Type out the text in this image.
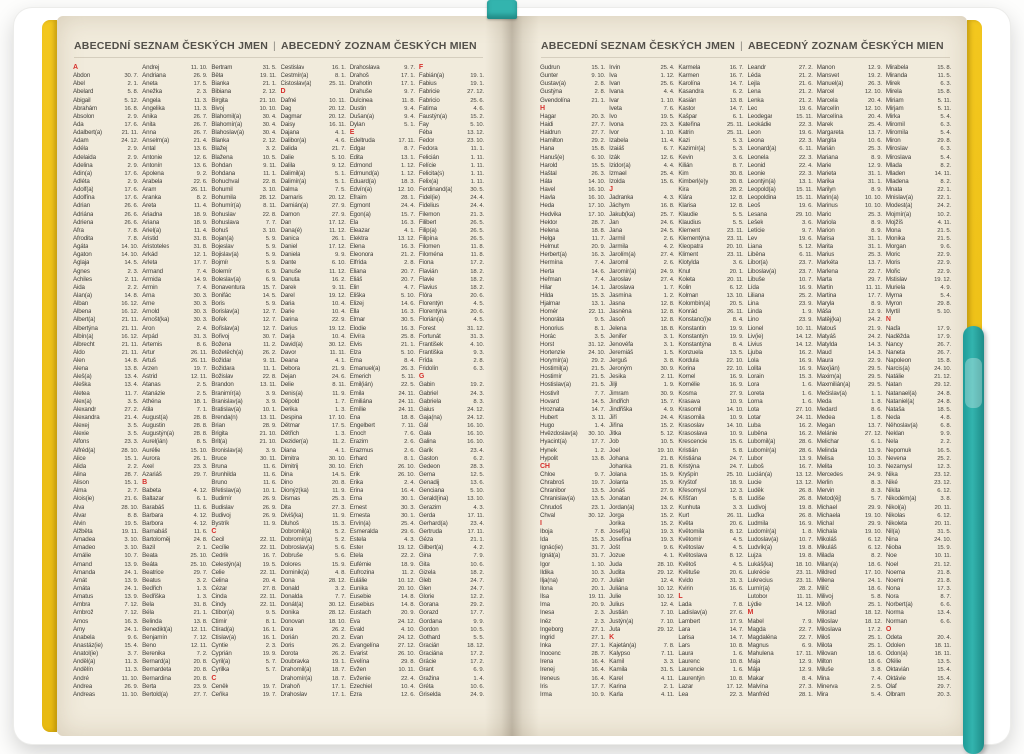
ABECEDNÍ SEZNAM ČESKÝCH JMEN | ABECEDNÝ ZOZNAM ČESKÝCH MIEN
A
Abdon	30. 7.
Ábel	2. 1.
Abelard	5. 8.
Abigail	5. 12.
Abrahám	16. 8.
Absolon	2. 9.
Ada	17. 6.
Adalbert(a)	21. 11.
Adam	24. 12.
Adéla	2. 9.
Adelaida	2. 9.
Adelina	2. 9.
Adin(a)	17. 6.
Adléta	2. 9.
Adolf(a)	17. 6.
Adolfína	17. 6.
Adrian	26. 6.
Adriána	26. 6.
Adriena	26. 6.
Afra	7. 8.
Afrodita	7. 8.
Agáta	14. 10.
Agaton	14. 10.
Aglaja	14. 5.
Agnes	2. 3.
Achiles	2. 11.
Aida	2. 2.
Alan(a)	14. 8.
Alban	16. 12.
Albena	16. 12.
Albert(a)	21. 11.
Albertýna	21. 11.
Albín(a)	16. 12.
Albrecht	21. 11.
Aldo	21. 11.
Alen	14. 8.
Alena	13. 8.
Aleš(a)	13. 4.
Aleška	13. 4.
Aletea	11. 7.
Alex(a)	3. 5.
Alexandr	27. 2.
Alexandra	21. 4.
Alexej	3. 5.
Alexie	3. 5.
Alfons	23. 3.
Alfréd(a)	28. 10.
Alice	15. 1.
Alida	2. 2.
Alina	28. 7.
Alison	15. 1.
Alma	2. 7.
Alois(ie)	21. 6.
Alva	28. 10.
Alvar	8. 8.
Alvin	19. 5.
Alžběta	19. 11.
Amadea	3. 10.
Amadeo	3. 10.
Amálie	10. 7.
Amand	13. 9.
Amanda	24. 1.
Amát	13. 9.
Amáta	24. 1.
Amatus	13. 9.
Ambra	7. 12.
Ambrož	7. 12.
Ámos	16. 3.
Amy	24. 1.
Anabela	9. 6.
Anastáz(ie)	15. 4.
Anatol(ie)	3. 7.
Anděl(a)	11. 3.
Andělín	11. 3.
André	11. 10.
Andrea	26. 9.
Andreas	11. 10.
Andrej	11. 10.
Andriana	26. 9.
Aneta	17. 5.
Anežka	2. 3.
Angela	11. 3.
Angelika	11. 3.
Anika	26. 7.
Anita	26. 7.
Anna	26. 7.
Anselm(a)	21. 4.
Antal	13. 6.
Antonie	12. 6.
Antonín	13. 6.
Apolena	9. 2.
Arabela	22. 6.
Aram	26. 11.
Aranka	8. 2.
Areta	11. 4.
Ariadna	18. 9.
Ariana	18. 9.
Ariel(a)	11. 4.
Aristid	31. 8.
Aristoteles	31. 8.
Arkád	12. 1.
Arleta	17. 7.
Armand	7. 4.
Armida	14. 9.
Armin	7. 4.
Arna	30. 3.
Arne	30. 3.
Arnold	30. 3.
Arnošt(ka)	30. 3.
Áron	2. 4.
Arpád	31. 3.
Artemis	8. 6.
Artur	26. 11.
Artuš	26. 11.
Arzen	19. 7.
Astrid	12. 11.
Atanas	2. 5.
Atanázie	2. 5.
Athéna	18. 1.
Atila	7. 1.
August(a)	28. 8.
Augustin	28. 8.
Augustýn(a)	28. 8.
Aurel(ián)	8. 5.
Aurélie	15. 10.
Aurora	26. 1.
Axel	23. 3.
Azariáš	29. 7.
B
Babeta	4. 12.
Baltazar	6. 1.
Barabáš	11. 6.
Barbara	4. 12.
Barbora	4. 12.
Barnabáš	11. 6.
Bartoloměj	24. 8.
Bazil	2. 1.
Beata	25. 10.
Beáta	25. 10.
Beatrice	29. 7.
Beatus	3. 2.
Bedřich	1. 3.
Bedřiška	1. 3.
Bela	31. 8.
Béla	21. 1.
Belinda	13. 8.
Benedikt(a)	12. 11.
Benjamín	7. 12.
Beno	12. 11.
Berenika	7. 2.
Bernard(a)	20. 8.
Bernardeta	20. 8.
Bernardina	20. 8.
Berta	23. 9.
Bertold(a)	27. 7.
Bertram	31. 5.
Běta	19. 11.
Bianka	21. 1.
Bibiana	2. 12.
Birgita	21. 10.
Bivoj	10. 10.
Blahomil(a)	30. 4.
Blahomír(a)	30. 4.
Blahoslav(a)	30. 4.
Blanka	2. 12.
Blažej	3. 2.
Blažena	10. 5.
Bohdan	9. 11.
Bohdana	11. 1.
Bohuchval	22. 8.
Bohumil	3. 10.
Bohumila	28. 12.
Bohumír(a)	8. 11.
Bohuslav	22. 8.
Bohuslava	7. 7.
Bohuš	3. 10.
Bojan(a)	5. 9.
Bojeslav	5. 9.
Bojislav(a)	5. 9.
Bojmír	5. 9.
Bolemír	6. 9.
Boleslav(a)	6. 9.
Bonaventura	15. 7.
Bonifác	14. 5.
Boris	5. 9.
Borislav(a)	12. 7.
Bořek	12. 7.
Bořislav(a)	12. 7.
Bořivoj	30. 7.
Božena	11. 2.
Božetěch(a)	26. 2.
Božidar	9. 11.
Božidara	11. 1.
Božislav	22. 8.
Brandon	13. 11.
Branimír(a)	3. 9.
Branislav(a)	3. 9.
Bratislav(a)	10. 1.
Brenda(n)	13. 11.
Brian	28. 9.
Brigita	21. 10.
Brit(a)	21. 10.
Bronislav(a)	3. 9.
Bruce	30. 11.
Bruna	11. 6.
Brunhilda	11. 6.
Bruno	11. 6.
Břetislav(a)	10. 1.
Budimír	26. 9.
Budislav	26. 9.
Budivoj	26. 9.
Bystrík	11. 9.
C
Cecil	22. 11.
Cecílie	22. 11.
Cedrik	16. 7.
Celestýn(a)	19. 5.
Celie	22. 11.
Celina	20. 4.
Cézar	27. 8.
Cinda	22. 11.
Cindy	22. 11.
Ctibor(a)	9. 5.
Ctimír	8. 1.
Ctirad(a)	16. 1.
Ctislav(a)	16. 1.
Cyntie	2. 3.
Cyprián	19. 9.
Cyril(a)	5. 7.
Cyrilka	5. 7.
Č
Čeněk	19. 7.
Čeňka	19. 7.
Čestislav	16. 1.
Čestmír(a)	8. 1.
Čistoslav(a)	25. 11.
D
Dafné	10. 11.
Dag	20. 12.
Dagmar	20. 12.
Daisy	16. 11.
Dajana	4. 1.
Dalibor(a)	4. 6.
Dalida	21. 7.
Dalie	5. 10.
Dalila	9. 12.
Dalimil(a)	5. 1.
Dalimír(a)	5. 1.
Dalma	7. 5.
Damaris	20. 12.
Damián(a)	27. 9.
Damon	27. 9.
Dan	17. 12.
Dana(é)	11. 12.
Danica	26. 1.
Daniel	17. 12.
Daniela	9. 9.
Dante	6. 10.
Danuše	11. 12.
Danuta	16. 2.
Darek	9. 11.
Darel	19. 12.
Daria	10. 4.
Darie	10. 4.
Darina	22. 9.
Darius	19. 12.
Darja	10. 4.
David(a)	30. 12.
Davor	11. 11.
Deana	4. 1.
Debora	21. 9.
Dejan	24. 6.
Delie	8. 11.
Denis(a)	11. 9.
Děpold	1. 7.
Derika	1. 3.
Despina	17. 10.
Dětmar	17. 5.
Dětřich	1. 3.
Dezider(a)	11. 2.
Diana	4. 1.
Dimitra	30. 10.
Dimitrij	30. 10.
Dina	14. 5.
Dino	20. 8.
Dionýz(ka)	11. 9.
Dismas	25. 3.
Dita	27. 3.
Diviš(ka)	11. 9.
Dluhoš	15. 3.
Dobromil(a)	5. 2.
Dobromír(a)	5. 2.
Dobroslav(a)	5. 6.
Dobruše	5. 6.
Dolores	15. 9.
Dominik(a)	4. 8.
Dona	28. 12.
Donald	3. 2.
Donalda	7. 7.
Donát(a)	30. 12.
Donika	28. 12.
Donovan	18. 10.
Dora	26. 2.
Dorián	20. 2.
Doris	26. 2.
Dorota	26. 2.
Doubravka	19. 1.
Drahomil(a)	18. 7.
Drahomír(a)	18. 7.
Drahoň	17. 1.
Drahoslav	17. 1.
Drahoslava	9. 7.
Drahoš	17. 1.
Drahotín	17. 1.
Drahuše	9. 7.
Dulcinea	11. 8.
Dustin	9. 4.
Dušan(a)	9. 4.
Dylan	5. 1.
E
Edeltruda	17. 11.
Edgar	8. 7.
Edita	13. 1.
Edmond	1. 12.
Edmund(a)	1. 12.
Eduard(a)	18. 3.
Edvín(a)	12. 10.
Efraim	28. 1.
Egmont	24. 4.
Egon(a)	15. 7.
Ela	16. 3.
Eleazar	4. 1.
Elektra	13. 12.
Elena	16. 3.
Eleonora	21. 2.
Elfrída	2. 8.
Eliana	20. 7.
Eliáš	20. 7.
Elin	4. 7.
Eliška	5. 10.
Elizej	14. 6.
Ella	16. 3.
Elmar	30. 5.
Elodie	16. 3.
Elvíra	25. 8.
Elvis	21. 1.
Elza	5. 10.
Ema	8. 4.
Emanuel(a)	26. 3.
Emerich	5. 11.
Emil(ián)	22. 5.
Emila	24. 11.
Emiliána	24. 11.
Emílie	24. 11.
Ena	18. 8.
Engelbert	7. 11.
Enoch	7. 6.
Erazim	2. 6.
Erazmus	2. 6.
Erhard	8. 1.
Erich	26. 10.
Erik	26. 10.
Erika	2. 4.
Erina	16. 4.
Erna	30. 1.
Ernest	30. 3.
Ernesta	30. 1.
Ervín(a)	25. 4.
Esmeralda	29. 6.
Estela	4. 3.
Ester	19. 12.
Etela	22. 2.
Eufémie	18. 9.
Eufrozina	11. 2.
Eulálie	10. 12.
Eunika	20. 10.
Eusebie	14. 8.
Eusebius	14. 8.
Eustach	20. 9.
Eva	24. 12.
Evald	4. 10.
Evan	24. 12.
Evangelína	27. 12.
Evarist	26. 10.
Evelína	29. 8.
Evžen	10. 11.
Evženie	22. 4.
Ezechiel	10. 4.
Ezra	12. 6.
F
Fabián(a)	19. 1.
Fabius	19. 1.
Fabricie	27. 12.
Fabricio	25. 6.
Fatima	4. 6.
Faustýn(a)	15. 2.
Fay	5. 10.
Féba	13. 12.
Fedor	23. 10.
Fedora	11. 1.
Felicián	1. 11.
Felície	1. 11.
Felicita(s)	1. 11.
Felix(a)	1. 11.
Ferdinand(a)	30. 5.
Fidel(ie)	24. 4.
Fidelius	24. 4.
Filemon	21. 3.
Filibert	26. 5.
Filip(a)	26. 5.
Filipína	26. 5.
Filomen	11. 8.
Filoména	11. 8.
Fiona	17. 2.
Flavián	18. 2.
Flavie	18. 2.
Flavius	18. 2.
Flóra	20. 6.
Florentýn	4. 5.
Florentýna	20. 6.
Florián(a)	4. 5.
Forest	31. 12.
Fortunát	31. 3.
František	4. 10.
Františka	9. 3.
Frída	2. 8.
Fridolín	6. 3.
G
Gabin	19. 2.
Gabriel	24. 3.
Gabriela	8. 3.
Gaius	24. 12.
Gaja(na)	24. 12.
Gál	16. 10.
Gala	16. 10.
Galina	16. 10.
Garik	23. 4.
Gaston	6. 2.
Gedeon	28. 3.
Gema	12. 5.
Genadij	13. 6.
Genciana	5. 10.
Gerald(ina)	13. 10.
Gerazim	4. 3.
Gerda	17. 11.
Gerhard(a)	23. 4.
Gertruda	17. 11.
Géza	21. 1.
Gilbert(a)	4. 2.
Gina	7. 9.
Gita	10. 6.
Gizela	18. 2.
Gleb	24. 7.
Glen	24. 7.
Glorie	12. 2.
Gorana	29. 2.
Gorazd	17. 7.
Gordana	9. 9.
Gordon	10. 5.
Gothard	5. 5.
Gracián	18. 12.
Graciána	17. 2.
Grácie	17. 2.
Grant	6. 9.
Gražina	1. 4.
Gréta	10. 6.
Griselda	24. 9.
ABECEDNÍ SEZNAM ČESKÝCH JMEN | ABECEDNÝ ZOZNAM ČESKÝCH MIEN
Gudrun	15. 1.
Gunter	9. 10.
Gustav(a)	2. 8.
Gustýna	2. 8.
Gvendolína	21. 1.
H
Hagar	20. 3.
Haidi	27. 7.
Haidrun	27. 7.
Hamilton	29. 2.
Hana	15. 8.
Hanuš(e)	6. 10.
Harold	15. 5.
Haštal	26. 3.
Háta	14. 10.
Havel	16. 10.
Havla	16. 10.
Heda	17. 10.
Hedvika	17. 10.
Hektor	28. 7.
Helena	18. 8.
Helga	11. 7.
Helmut	20. 9.
Herbert(a)	16. 3.
Hermína	7. 4.
Herta	14. 6.
Heřman	7. 4.
Hilar	14. 1.
Hilda	15. 3.
Hjalmar	13. 1.
Homér	22. 11.
Honoráta	9. 5.
Honorius	8. 1.
Horác	3. 5.
Horst	31. 12.
Hortenzie	24. 10.
Horymír(a)	29. 2.
Hostimil(a)	21. 5.
Hostimír	21. 5.
Hostislav(a)	21. 5.
Hostivít	7. 7.
Hovard	14. 5.
Hroznata	14. 7.
Hubert	3. 11.
Hugo	1. 4.
Hvězdoslav(a)	30. 10.
Hyacint(a)	17. 7.
Hynek	1. 2.
Hypolit	13. 8.
CH
Chloe	9. 7.
Chrabroš	19. 7.
Chranibor	13. 5.
Chranislav(a)	13. 5.
Chrudoš	23. 1.
Chval	30. 12.
I
Iboja	7. 8.
Ida	15. 3.
Ignác(ie)	31. 7.
Ignát(a)	31. 7.
Igor	1. 10.
Ildika	10. 3.
Ilja(na)	20. 7.
Ilona	20. 1.
Ilsa	19. 11.
Ima	20. 9.
Inesa	2. 3.
Iněz	2. 3.
Ingeborg	27. 1.
Ingrid	27. 1.
Inka	27. 1.
Inocenc	28. 7.
Irena	16. 4.
Irenej	16. 4.
Ireneus	16. 4.
Iris	17. 7.
Irma	10. 9.
Irvin	25. 4.
Iva	1. 12.
Ivan	25. 6.
Ivana	4. 4.
Ivar	1. 10.
Iveta	7. 6.
Ivo	19. 5.
Ivona	23. 3.
Ivor	1. 10.
Izabela	11. 4.
Izaiáš	6. 7.
Izák	12. 6.
Izidor(a)	4. 4.
Izmael	25. 4.
Izolda	15. 6.
J
Jadranka	4. 3.
Jáchym	16. 8.
Jakub(ka)	25. 7.
Jan	24. 6.
Jana	24. 5.
Jarmil	2. 6.
Jarmila	4. 2.
Jarolím(a)	27. 4.
Jaromil	2. 6.
Jaromír(a)	24. 9.
Jaroslav	27. 4.
Jaroslava	1. 7.
Jasmína	1. 2.
Jasna	12. 8.
Jasněna	12. 8.
Jasoň	12. 8.
Jelena	18. 8.
Jenifer	3. 1.
Jenovéfa	3. 1.
Jeremiáš	1. 5.
Jerguš	3. 8.
Jeroným	30. 9.
Jesika	2. 11.
Jiljí	1. 9.
Jimram	30. 9.
Jindřich	15. 7.
Jindřiška	4. 9.
Jiří	24. 4.
Jiřina	15. 2.
Jitka	5. 12.
Job	10. 5.
Joel	19. 10.
Johana	21. 8.
Johanka	21. 8.
Jolana	15. 9.
Jolanta	15. 9.
Jonáš	27. 9.
Jonatan	24. 6.
Jordan(a)	13. 2.
Jorga	15. 2.
Jorika	15. 2.
Josef(a)	19. 3.
Josefína	19. 3.
Jošt	9. 6.
Jozue	4. 1.
Juda	28. 10.
Judita	29. 12.
Julián	12. 4.
Juliána	10. 12.
Julie	10. 12.
Julius	12. 4.
Justián	7. 10.
Justýn(a)	7. 10.
Juta	29. 12.
K
Kajetán(a)	7. 8.
Kalypso	7. 11.
Kamil	3. 3.
Kamila	31. 5.
Karel	4. 11.
Karina	2. 1.
Karla	4. 11.
Karmela	16. 7.
Karmen	16. 7.
Karolína	14. 7.
Kasandra	6. 2.
Kasián	13. 8.
Kastor	14. 7.
Kašpar	6. 1.
Kateřina	25. 11.
Katrin	25. 11.
Kazi	5. 3.
Kazimír(a)	5. 3.
Kevin	3. 6.
Kilián	8. 7.
Kim	30. 8.
Kimberl(e)y	30. 8.
Kira	28. 2.
Klára	12. 8.
Klarisa	12. 8.
Klaudie	5. 5.
Klaudius	5. 5.
Klement	23. 11.
Klementýna	23. 11.
Kleopatra	20. 10.
Kliment	23. 11.
Klotylda	3. 6.
Knut	20. 1.
Koleta	20. 11.
Kolin	6. 12.
Kolman	13. 10.
Kolombín(a)	20. 5.
Konrád	26. 11.
Konstanc(i)e	8. 4.
Konstantin	19. 9.
Konstantýn	19. 9.
Konstantýna	8. 4.
Konzuela	13. 5.
Kordula	22. 10.
Korina	22. 10.
Kornel	16. 9.
Kornélie	16. 9.
Kosma	27. 9.
Krasava	10. 9.
Krasomil	14. 10.
Krasomila	10. 9.
Krasoslav	14. 10.
Krasoslava	10. 9.
Krescencie	15. 6.
Kristián	5. 8.
Kristiána	24. 7.
Kristýna	24. 7.
Kryšpín	25. 10.
Kryštof	18. 9.
Křesomysl	12. 3.
Křišťan	5. 8.
Kunhuta	3. 3.
Kurt	26. 11.
Květa	20. 6.
Květomila	8. 12.
Květomír	4. 5.
Květoslav	4. 5.
Květoslava	8. 12.
Květoš	4. 5.
Květuše	20. 6.
Kvido	31. 3.
Kvirin	16. 6.
L
Lada	7. 8.
Ladislav(a)	27. 6.
Lambert	17. 9.
Lara	14. 7.
Larisa	14. 7.
Lars	10. 8.
Laura	1. 6.
Laurenc	10. 8.
Laurencie	1. 6.
Laurentýn	10. 8.
Lazar	17. 12.
Lea	22. 3.
Leandr	27. 2.
Léda	21. 2.
Lejla	21. 6.
Lena	21. 2.
Lenka	21. 2.
Leo	19. 6.
Leodegar	15. 11.
Leokádie	22. 3.
Leon	19. 6.
Leona	22. 3.
Leonard(a)	6. 11.
Leonela	22. 3.
Leonid	22. 4.
Leonie	22. 3.
Leontýn(a)	13. 1.
Leopold(a)	15. 11.
Leopoldina	15. 11.
Leoš	19. 6.
Lesana	29. 10.
Lešek	3. 6.
Letície	9. 7.
Lev	19. 6.
Liana	5. 12.
Liběna	6. 11.
Libor(a)	23. 7.
Liboslav(a)	23. 7.
Libuše	10. 7.
Lída	16. 9.
Liliana	25. 2.
Lina	23. 9.
Linda	1. 9.
Lino	23. 9.
Lionel	10. 11.
Liv(ie)	14. 12.
Livius	14. 12.
Ljuba	16. 2.
Lola	16. 9.
Lolita	16. 9.
Lorain	15. 3.
Lora	1. 6.
Loreta	1. 6.
Lorna	1. 6.
Lota	27. 10.
Lotar	24. 11.
Luba	16. 2.
Luběna	16. 2.
Lubomil(a)	28. 6.
Lubomír(a)	28. 6.
Lubor	13. 9.
Luboš	16. 7.
Lucián(a)	13. 12.
Lucie	13. 12.
Luděk	26. 8.
Ludiše	26. 8.
Ludivoj	19. 8.
Luďka	26. 8.
Ludmila	16. 9.
Ludomír(a)	1. 8.
Ludoslav(a)	10. 7.
Ludvík(a)	19. 8.
Lujza	19. 8.
Lukáš(ka)	18. 10.
Lukrécie	23. 11.
Lukrecius	23. 11.
Lumír(a)	28. 2.
Lutobor	11. 11.
Lýdie	14. 12.
M
Mabel	7. 9.
Magda	22. 7.
Magdaléna	22. 7.
Magnus	6. 9.
Mahulena	17. 11.
Maja	12. 9.
Mája	12. 9.
Makar	8. 4.
Malvína	27. 3.
Manfréd	28. 1.
Manon	12. 9.
Mansvet	19. 2.
Manuel(a)	26. 3.
Marcel	12. 10.
Marcela	20. 4.
Marcelín	12. 10.
Marcelína	20. 4.
Marek	25. 4.
Margareta	13. 7.
Margita	10. 6.
Marián	25. 3.
Mariana	8. 9.
Marie	12. 9.
Marieta	31. 1.
Marika	31. 1.
Marilyn	8. 9.
Marin(a)	10. 10.
Marinus	10. 10.
Mario	25. 3.
Mariola	8. 9.
Marion	8. 9.
Marisa	31. 1.
Marita	31. 1.
Marius	25. 3.
Markéta	13. 7.
Marlena	22. 7.
Marta	29. 7.
Martin	11. 11.
Martina	17. 7.
Maryla	8. 9.
Máša	12. 9.
Matěj(ka)	24. 2.
Matouš	21. 9.
Matyáš	24. 2.
Matylda	14. 3.
Maud	14. 3.
Maura	22. 9.
Max(ián)	29. 5.
Maxim(a)	29. 5.
Maxmilián(a)	29. 5.
Mečislav(a)	1. 1.
Meda	1. 8.
Medard	8. 6.
Medea	1. 8.
Megan	13. 7.
Melánie	27. 12.
Melichar	6. 1.
Melinda	13. 9.
Melisa	10. 3.
Melita	10. 3.
Mercedes	24. 9.
Merlin	8. 3.
Mervin	8. 3.
Metod(ěj)	5. 7.
Michael	29. 9.
Michaela	19. 10.
Michal	29. 9.
Michala	19. 10.
Mikoláš	6. 12.
Mikuláš	6. 12.
Milada	8. 2.
Milan(a)	18. 6.
Mildred	17. 10.
Milena	24. 1.
Milíč	18. 6.
Milivoj	5. 8.
Miloň	25. 1.
Milorad	18. 12.
Miloslav	18. 12.
Miloslava	17. 2.
Miloš	25. 1.
Milota	25. 1.
Milovan	18. 6.
Milton	18. 6.
Miluše	3. 8.
Mina	7. 4.
Minerva	2. 5.
Mira	5. 4.
Mirabela	15. 8.
Miranda	11. 5.
Mirek	6. 3.
Mirela	15. 8.
Miriam	5. 11.
Mirjam	5. 11.
Mirka	5. 4.
Miromil	6. 3.
Miromila	5. 4.
Miron	29. 8.
Miroslav	6. 3.
Miroslava	5. 4.
Mlada	8. 2.
Mladen	14. 11.
Mladena	8. 2.
Mnata	22. 1.
Mnislav(a)	22. 1.
Modest(a)	24. 2.
Mojmír(a)	10. 2.
Mojžíš	4. 11.
Mona	21. 5.
Monika	21. 5.
Morgan	9. 6.
Moric	22. 9.
Moris	22. 9.
Mořic	22. 9.
Mstislav	19. 12.
Muriela	4. 9.
Myrna	5. 4.
Myron	29. 8.
Myrtil	5. 10.
N
Naďa	17. 9.
Naděžda	17. 9.
Nancy	26. 7.
Naneta	26. 7.
Napoleon	15. 8.
Narcis(a)	24. 10.
Natálie	21. 12.
Natan	29. 12.
Natanael(a)	24. 8.
Nataniel(a)	24. 8.
Nataša	18. 5.
Neda	4. 8.
Něhoslav(a)	6. 8.
Neklan	9. 9.
Nela	2. 2.
Nepomuk	16. 5.
Nevena	25. 2.
Nezamysl	12. 3.
Nika	23. 12.
Niké	23. 12.
Nikita	6. 12.
Nikodém(a)	3. 8.
Nikol(a)	20. 11.
Nikolas	6. 12.
Nikoleta	20. 11.
Nil(a)	31. 5.
Nina	24. 10.
Nioba	15. 9.
Noe	10. 11.
Noel	21. 12.
Noema	21. 8.
Noemi	21. 8.
Nona	17. 3.
Nora	8. 7.
Norbert(a)	6. 6.
Norma	13. 4.
Norman	6. 6.
O
Odeta	20. 4.
Odolen	18. 11.
Odon(a)	18. 11.
Ofélie	13. 5.
Oktavián	15. 4.
Oktávie	15. 4.
Olaf	29. 7.
Olbram	20. 3.
